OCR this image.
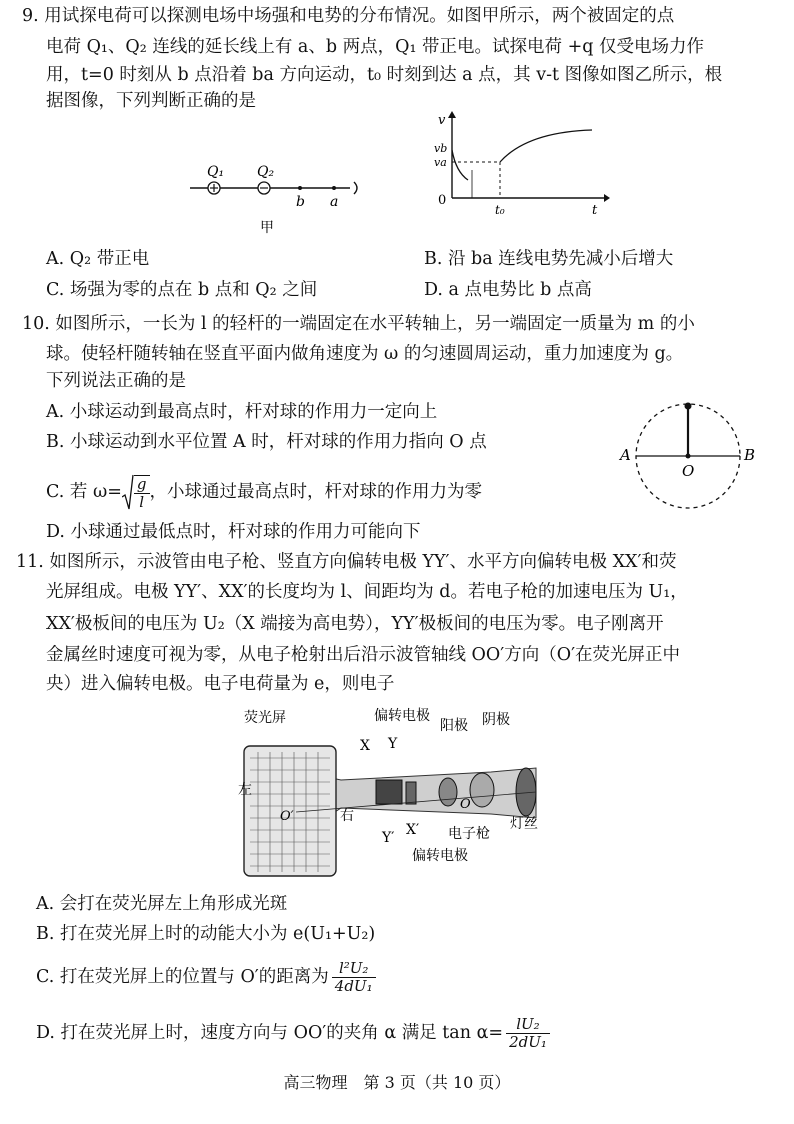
9. 用试探电荷可以探测电场中场强和电势的分布情况。如图甲所示，两个被固定的点
电荷 Q₁、Q₂ 连线的延长线上有 a、b 两点，Q₁ 带正电。试探电荷 +q 仅受电场力作
用，t=0 时刻从 b 点沿着 ba 方向运动，t₀ 时刻到达 a 点，其 v-t 图像如图乙所示，根
据图像，下列判断正确的是
Q₁ Q₂
b a
甲
v
vb
va
0
t₀	t
A. Q₂ 带正电	B. 沿 ba 连线电势先减小后增大
C. 场强为零的点在 b 点和 Q₂ 之间	D. a 点电势比 b 点高
10. 如图所示，一长为 l 的轻杆的一端固定在水平转轴上，另一端固定一质量为 m 的小
球。使轻杆随转轴在竖直平面内做角速度为 ω 的匀速圆周运动，重力加速度为 g。
下列说法正确的是
A. 小球运动到最高点时，杆对球的作用力一定向上
B. 小球运动到水平位置 A 时，杆对球的作用力指向 O 点
C. 若 $\omega= \frac{g}{l}$ ，小球通过最高点时，杆对球的作用力为零
D. 小球通过最低点时，杆对球的作用力可能向下
A	B
O
11. 如图所示，示波管由电子枪、竖直方向偏转电极 YY′、水平方向偏转电极 XX′和荧
光屏组成。电极 YY′、XX′的长度均为 l、间距均为 d。若电子枪的加速电压为 U₁，
XX′极板间的电压为 U₂（X 端接为高电势），YY′极板间的电压为零。电子刚离开
金属丝时速度可视为零，从电子枪射出后沿示波管轴线 OO′方向（O′在荧光屏正中
央）进入偏转电极。电子电荷量为 e，则电子
荧光屏	偏转电极
阳极 阴极
X Y
左
右
O′
O
电子枪
灯丝
Y′ X′
偏转电极
A. 会打在荧光屏左上角形成光斑
B. 打在荧光屏上时的动能大小为 e(U₁+U₂)
C. 打在荧光屏上的位置与 O′的距离为 $\frac{\text{l²U₂}}{\text{4dU₁}}$
D. 打在荧光屏上时，速度方向与 OO′的夹角 α 满足 $\tan \alpha= \frac{\text{lU₂}}{\text{2dU₁}}$
高三物理　第 3 页（共 10 页）
